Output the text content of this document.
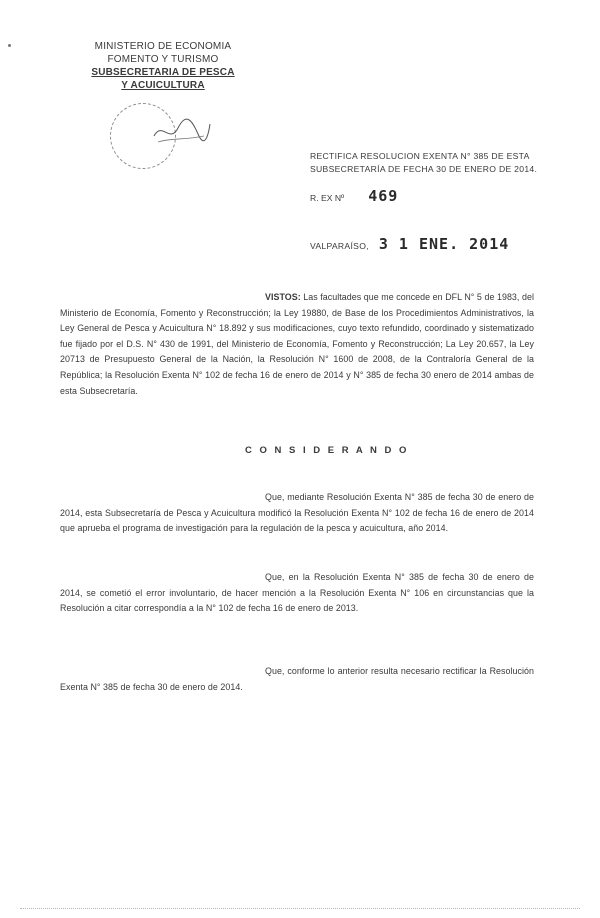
MINISTERIO DE ECONOMIA
FOMENTO Y TURISMO
SUBSECRETARIA DE PESCA
Y ACUICULTURA
RECTIFICA RESOLUCION EXENTA N° 385 DE ESTA
SUBSECRETARÍA DE FECHA 30 DE ENERO DE 2014.
R. EX Nº 469
VALPARAÍSO, 3 1 ENE. 2014

VISTOS: Las facultades que me concede en DFL N° 5 de 1983, del Ministerio de Economía, Fomento y Reconstrucción; la Ley 19880, de Base de los Procedimientos Administrativos, la Ley General de Pesca y Acuicultura N° 18.892 y sus modificaciones, cuyo texto refundido, coordinado y sistematizado fue fijado por el D.S. N° 430 de 1991, del Ministerio de Economía, Fomento y Reconstrucción; La Ley 20.657, la Ley 20713 de Presupuesto General de la Nación, la Resolución N° 1600 de 2008, de la Contraloría General de la República; la Resolución Exenta N° 102 de fecha 16 de enero de 2014 y N° 385 de fecha 30 enero de 2014 ambas de esta Subsecretaría.

C O N S I D E R A N D O

Que, mediante Resolución Exenta N° 385 de fecha 30 de enero de 2014, esta Subsecretaría de Pesca y Acuicultura modificó la Resolución Exenta N° 102 de fecha 16 de enero de 2014 que aprueba el programa de investigación para la regulación de la pesca y acuicultura, año 2014.

Que, en la Resolución Exenta N° 385 de fecha 30 de enero de 2014, se cometió el error involuntario, de hacer mención a la Resolución Exenta N° 106 en circunstancias que la Resolución a citar correspondía a la N° 102 de fecha 16 de enero de 2013.

Que, conforme lo anterior resulta necesario rectificar la Resolución Exenta N° 385 de fecha 30 de enero de 2014.
